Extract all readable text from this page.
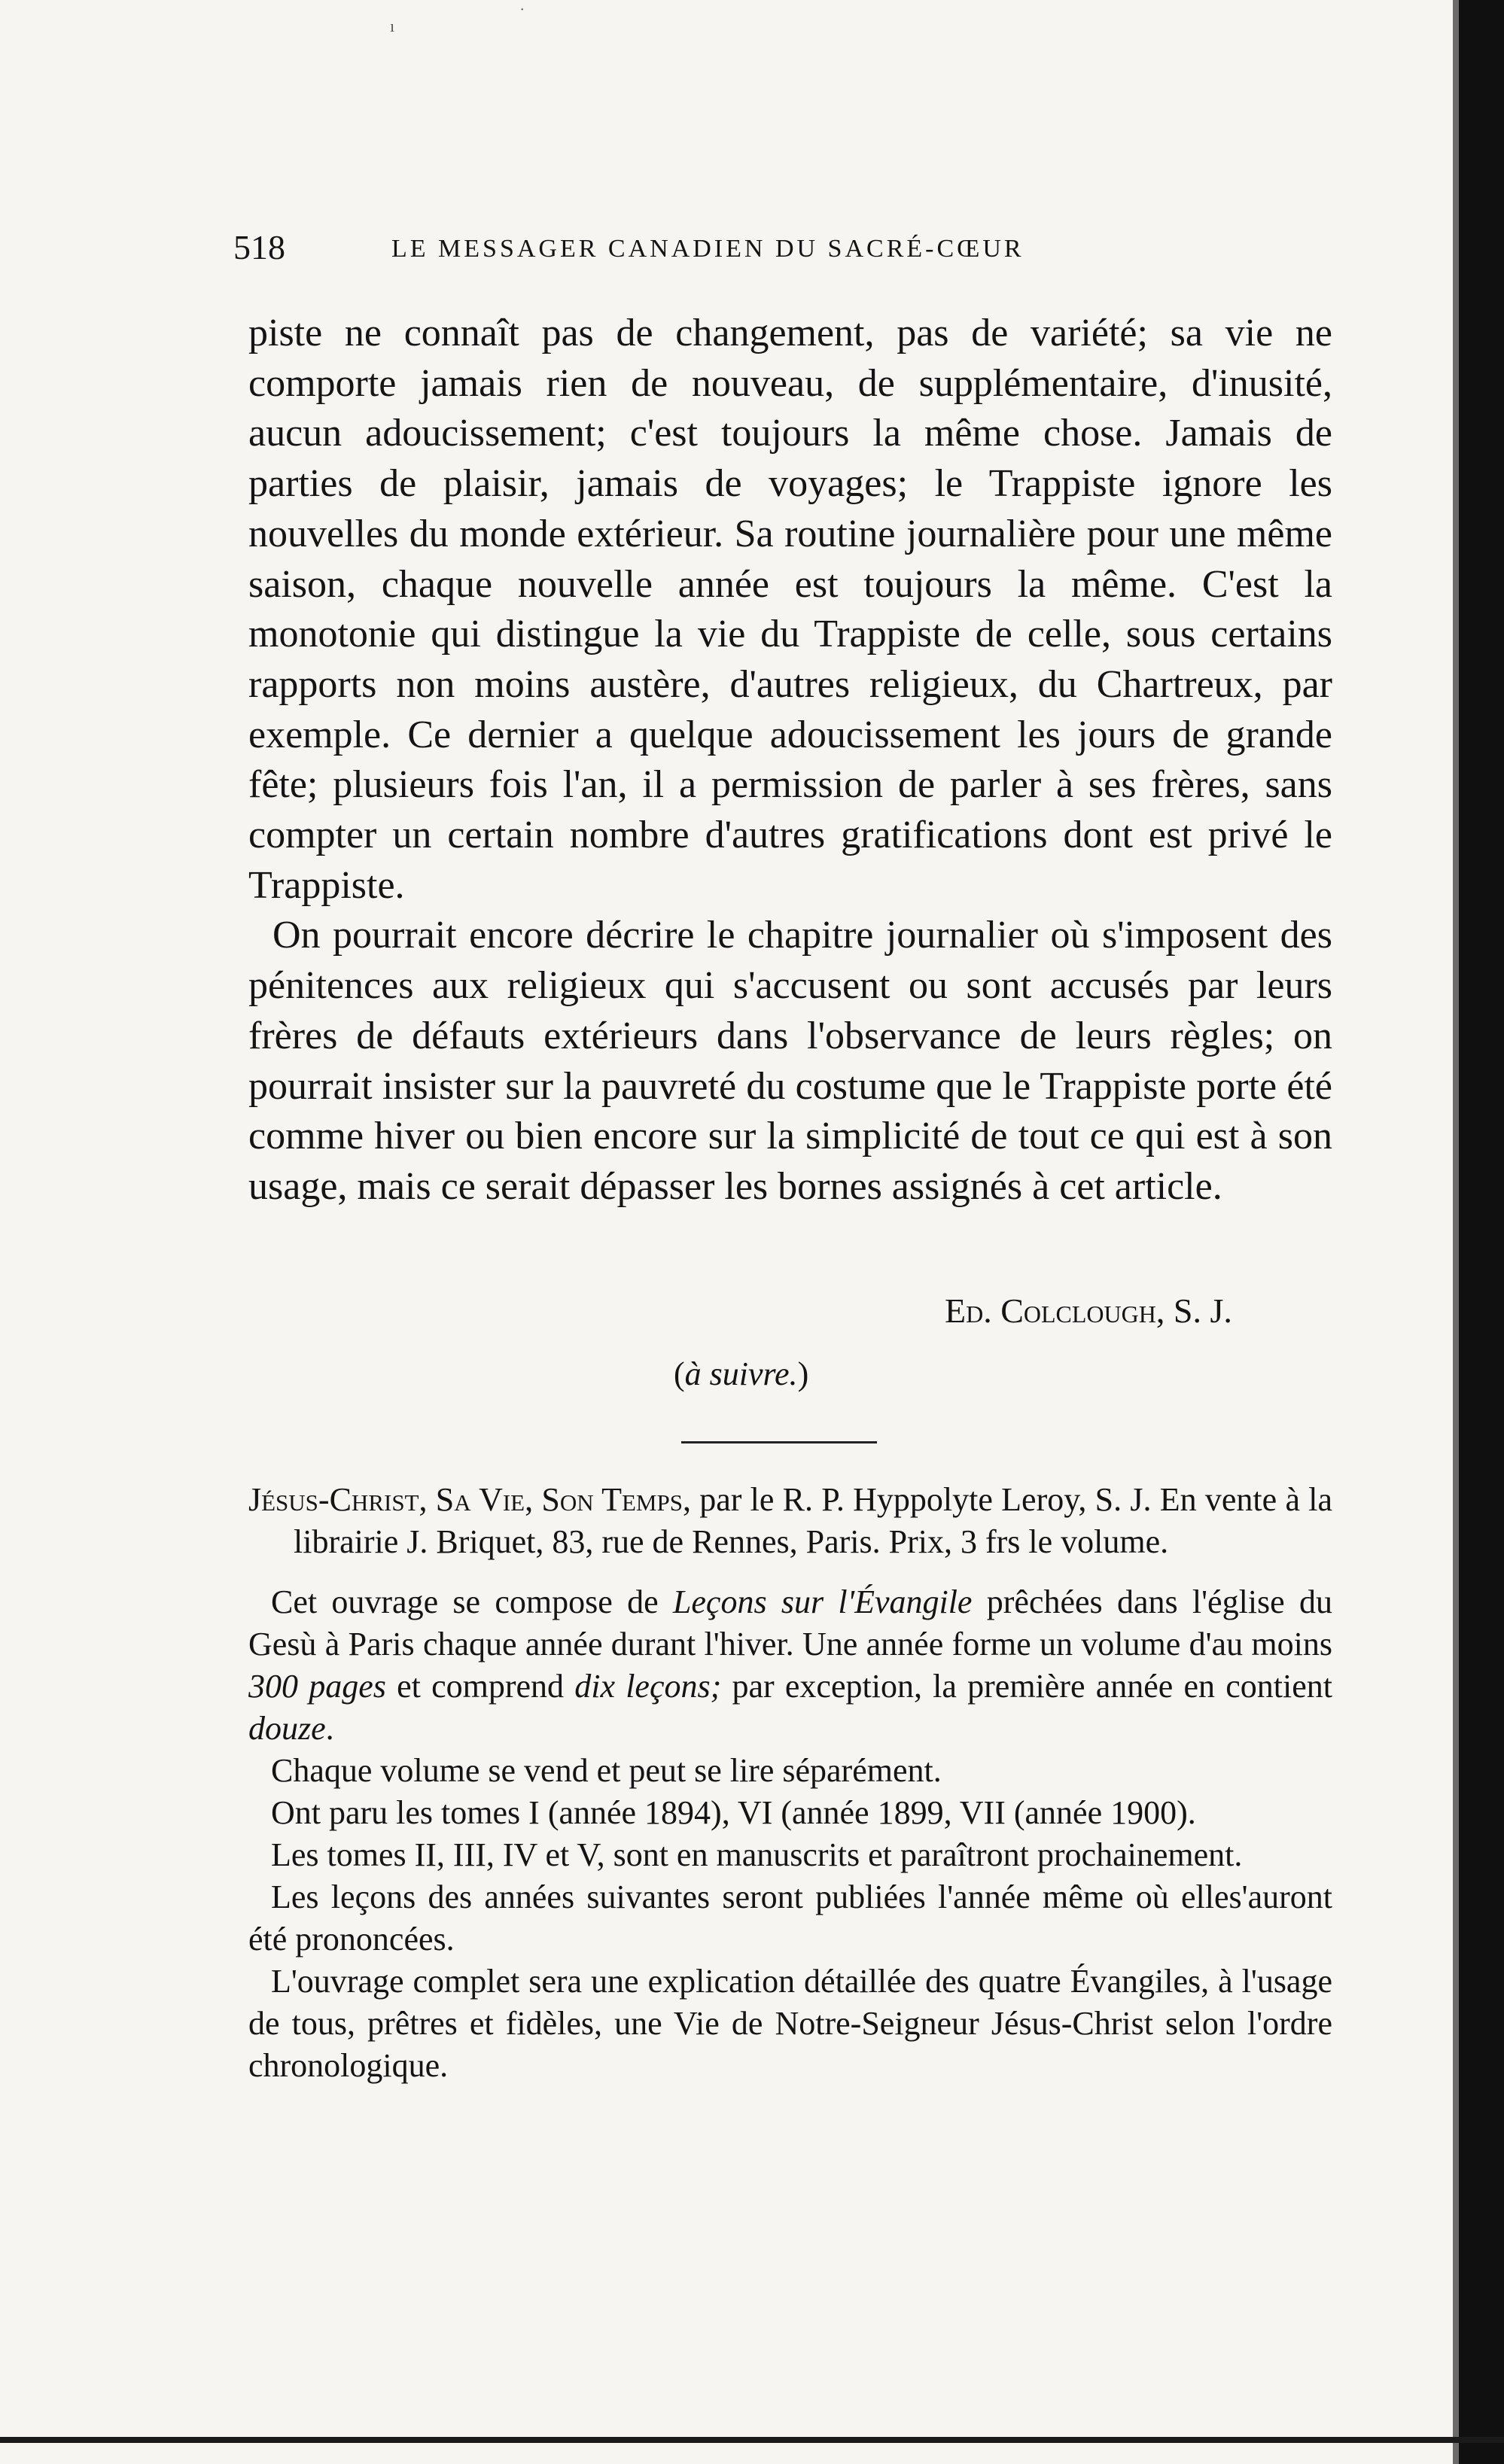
ı
˙
518	LE MESSAGER CANADIEN DU SACRÉ-CŒUR

piste ne connaît pas de changement, pas de variété; sa vie ne comporte jamais rien de nouveau, de supplémentaire, d'inusité, aucun adoucissement; c'est toujours la même chose. Jamais de parties de plaisir, jamais de voyages; le Trappiste ignore les nouvelles du monde extérieur. Sa routine journalière pour une même saison, chaque nouvelle année est toujours la même. C'est la monotonie qui distingue la vie du Trappiste de celle, sous certains rapports non moins austère, d'autres religieux, du Chartreux, par exemple. Ce dernier a quelque adoucissement les jours de grande fête; plusieurs fois l'an, il a permission de parler à ses frères, sans compter un certain nombre d'autres gratifications dont est privé le Trappiste.

On pourrait encore décrire le chapitre journalier où s'imposent des pénitences aux religieux qui s'accusent ou sont accusés par leurs frères de défauts extérieurs dans l'observance de leurs règles; on pourrait insister sur la pauvreté du costume que le Trappiste porte été comme hiver ou bien encore sur la simplicité de tout ce qui est à son usage, mais ce serait dépasser les bornes assignés à cet article.

Ed. Colclough, S. J.
(à suivre.)

Jésus-Christ, Sa Vie, Son Temps, par le R. P. Hyppolyte Leroy, S. J. En vente à la librairie J. Briquet, 83, rue de Rennes, Paris. Prix, 3 frs le volume.

Cet ouvrage se compose de Leçons sur l'Évangile prêchées dans l'église du Gesù à Paris chaque année durant l'hiver. Une année forme un volume d'au moins 300 pages et comprend dix leçons; par exception, la première année en contient douze.

Chaque volume se vend et peut se lire séparément.

Ont paru les tomes I (année 1894), VI (année 1899, VII (année 1900).

Les tomes II, III, IV et V, sont en manuscrits et paraîtront prochainement.

Les leçons des années suivantes seront publiées l'année même où elles'auront été prononcées.

L'ouvrage complet sera une explication détaillée des quatre Évangiles, à l'usage de tous, prêtres et fidèles, une Vie de Notre-Seigneur Jésus-Christ selon l'ordre chronologique.
